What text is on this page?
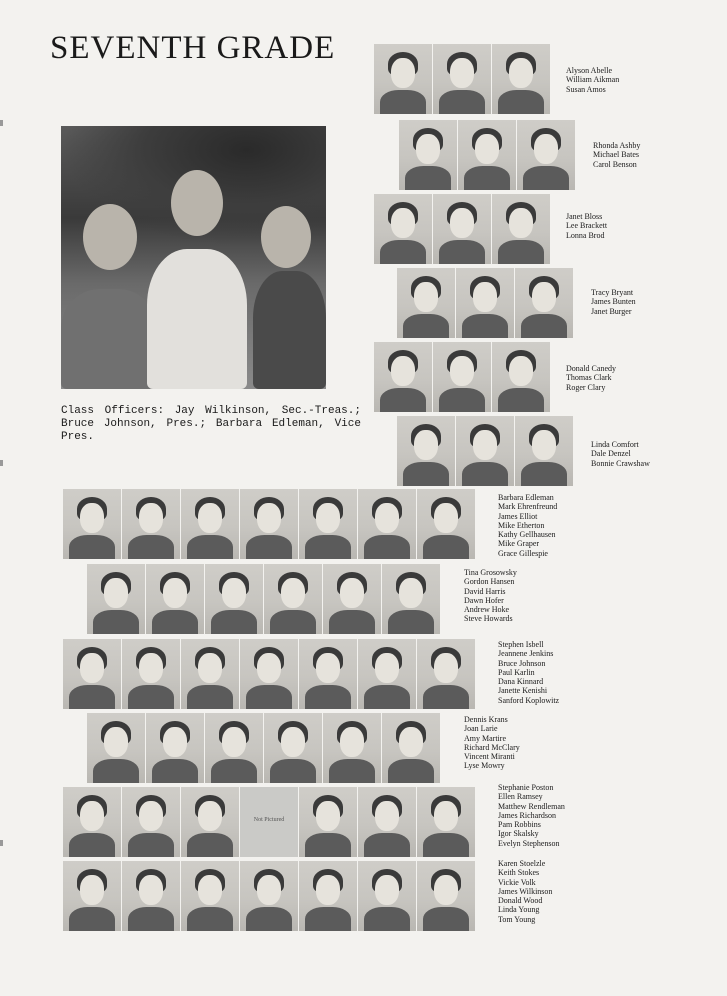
SEVENTH GRADE
Class Officers: Jay Wilkinson, Sec.-Treas.; Bruce Johnson, Pres.; Barbara Edleman, Vice Pres.
Alyson Abelle
William Aikman
Susan Amos
Rhonda Ashby
Michael Bates
Carol Benson
Janet Bloss
Lee Brackett
Lonna Brod
Tracy Bryant
James Bunten
Janet Burger
Donald Canedy
Thomas Clark
Roger Clary
Linda Comfort
Dale Denzel
Bonnie Crawshaw
Barbara Edleman
Mark Ehrenfreund
James Elliot
Mike Etherton
Kathy Gellhausen
Mike Graper
Grace Gillespie
Tina Grosowsky
Gordon Hansen
David Harris
Dawn Hofer
Andrew Hoke
Steve Howards
Stephen Isbell
Jeannene Jenkins
Bruce Johnson
Paul Karlin
Dana Kinnard
Janette Kenishi
Sanford Koplowitz
Dennis Krans
Joan Larie
Amy Martire
Richard McClary
Vincent Miranti
Lyse Mowry
Not Pictured
Stephanie Poston
Ellen Ramsey
Matthew Rendleman
James Richardson
Pam Robbins
Igor Skalsky
Evelyn Stephenson
Karen Stoelzle
Keith Stokes
Vickie Volk
James Wilkinson
Donald Wood
Linda Young
Tom Young
